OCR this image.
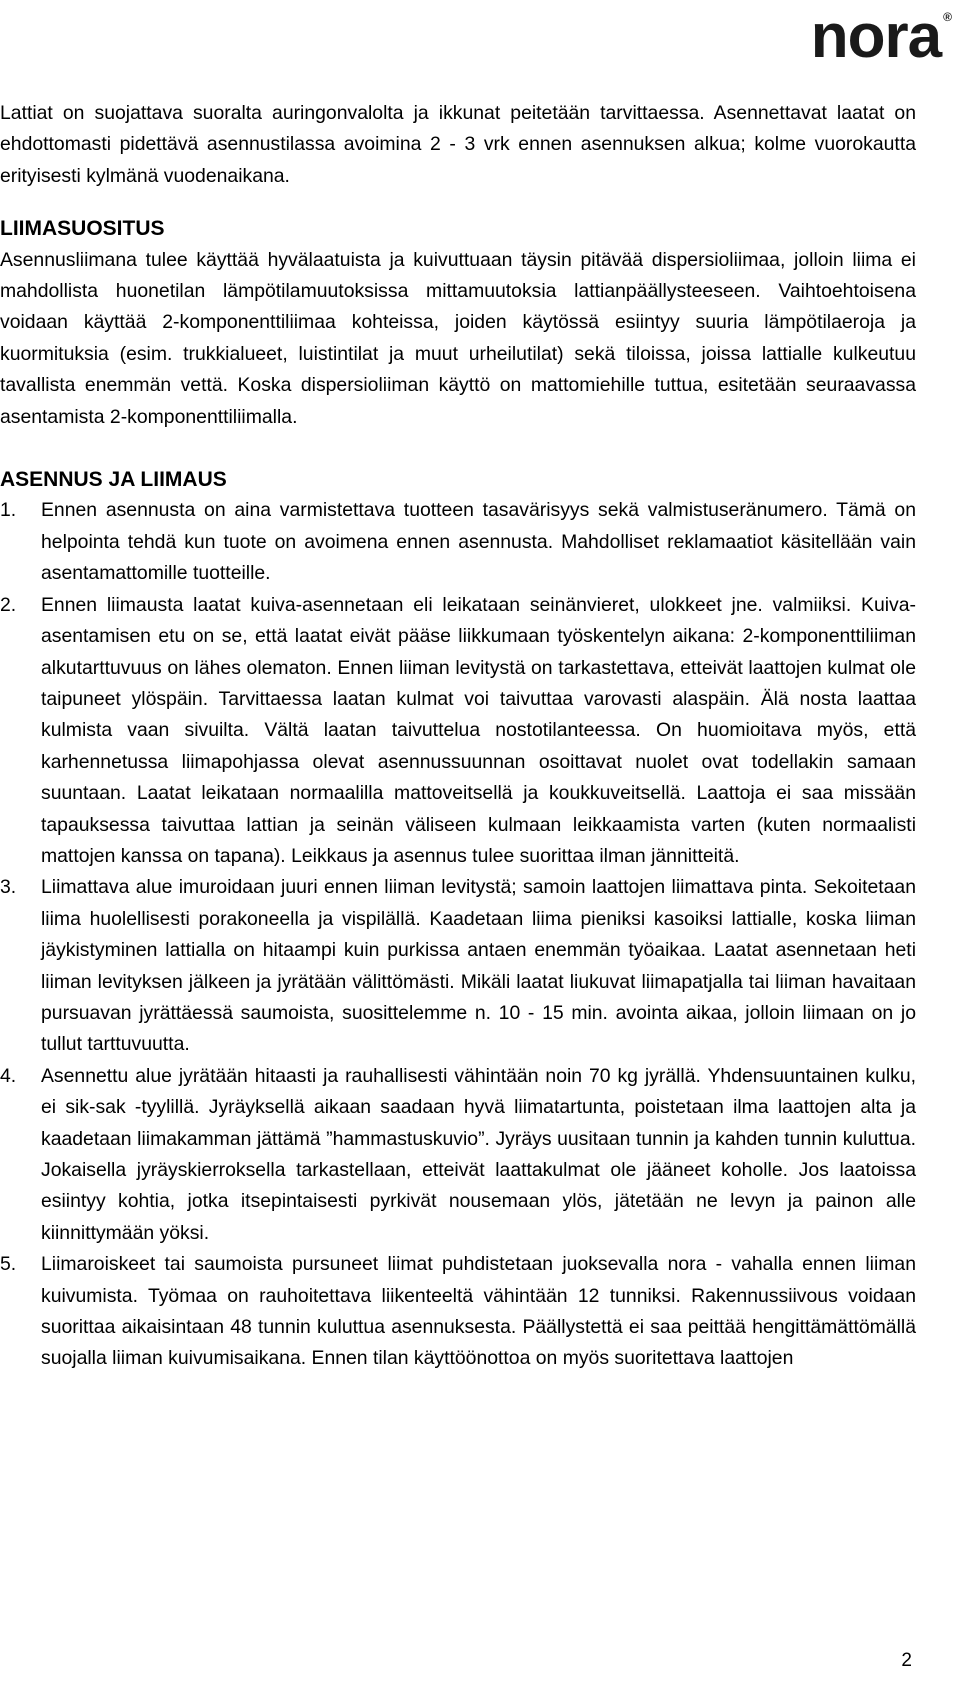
nora ®

Lattiat on suojattava suoralta auringonvalolta ja ikkunat peitetään tarvittaessa. Asennettavat laatat on ehdottomasti pidettävä asennustilassa avoimina 2 - 3 vrk ennen asennuksen alkua; kolme vuorokautta erityisesti kylmänä vuodenaikana.

LIIMASUOSITUS

Asennusliimana tulee käyttää hyvälaatuista ja kuivuttuaan täysin pitävää dispersioliimaa, jolloin liima ei mahdollista huonetilan lämpötilamuutoksissa mittamuutoksia lattianpäällysteeseen. Vaihtoehtoisena voidaan käyttää 2-komponenttiliimaa kohteissa, joiden käytössä esiintyy suuria lämpötilaeroja ja kuormituksia (esim. trukkialueet, luistintilat ja muut urheilutilat) sekä tiloissa, joissa lattialle kulkeutuu tavallista enemmän vettä. Koska dispersioliiman käyttö on mattomiehille tuttua, esitetään seuraavassa asentamista 2-komponenttiliimalla.

ASENNUS JA LIIMAUS
1.	Ennen asennusta on aina varmistettava tuotteen tasavärisyys sekä valmistuseränumero. Tämä on helpointa tehdä kun tuote on avoimena ennen asennusta. Mahdolliset reklamaatiot käsitellään vain asentamattomille tuotteille.
2.	Ennen liimausta laatat kuiva-asennetaan eli leikataan seinänvieret, ulokkeet jne. valmiiksi. Kuiva-asentamisen etu on se, että laatat eivät pääse liikkumaan työskentelyn aikana: 2-komponenttiliiman alkutarttuvuus on lähes olematon. Ennen liiman levitystä on tarkastettava, etteivät laattojen kulmat ole taipuneet ylöspäin. Tarvittaessa laatan kulmat voi taivuttaa varovasti alaspäin. Älä nosta laattaa kulmista vaan sivuilta. Vältä laatan taivuttelua nostotilanteessa. On huomioitava myös, että karhennetussa liimapohjassa olevat asennussuunnan osoittavat nuolet ovat todellakin samaan suuntaan. Laatat leikataan normaalilla mattoveitsellä ja koukkuveitsellä. Laattoja ei saa missään tapauksessa taivuttaa lattian ja seinän väliseen kulmaan leikkaamista varten (kuten normaalisti mattojen kanssa on tapana). Leikkaus ja asennus tulee suorittaa ilman jännitteitä.
3.	Liimattava alue imuroidaan juuri ennen liiman levitystä; samoin laattojen liimattava pinta. Sekoitetaan liima huolellisesti porakoneella ja vispilällä. Kaadetaan liima pieniksi kasoiksi lattialle, koska liiman jäykistyminen lattialla on hitaampi kuin purkissa antaen enemmän työaikaa. Laatat asennetaan heti liiman levityksen jälkeen ja jyrätään välittömästi. Mikäli laatat liukuvat liimapatjalla tai liiman havaitaan pursuavan jyrättäessä saumoista, suosittelemme n. 10 - 15 min. avointa aikaa, jolloin liimaan on jo tullut tarttuvuutta.
4.	Asennettu alue jyrätään hitaasti ja rauhallisesti vähintään noin 70 kg jyrällä. Yhdensuuntainen kulku, ei sik-sak -tyylillä. Jyräyksellä aikaan saadaan hyvä liimatartunta, poistetaan ilma laattojen alta ja kaadetaan liimakamman jättämä ”hammastuskuvio”. Jyräys uusitaan tunnin ja kahden tunnin kuluttua. Jokaisella jyräyskierroksella tarkastellaan, etteivät laattakulmat ole jääneet koholle. Jos laatoissa esiintyy kohtia, jotka itsepintaisesti pyrkivät nousemaan ylös, jätetään ne levyn ja painon alle kiinnittymään yöksi.
5.	Liimaroiskeet tai saumoista pursuneet liimat puhdistetaan juoksevalla nora - vahalla ennen liiman kuivumista. Työmaa on rauhoitettava liikenteeltä vähintään 12 tunniksi. Rakennussiivous voidaan suorittaa aikaisintaan 48 tunnin kuluttua asennuksesta. Päällystettä ei saa peittää hengittämättömällä suojalla liiman kuivumisaikana. Ennen tilan käyttöönottoa on myös suoritettava laattojen
2
